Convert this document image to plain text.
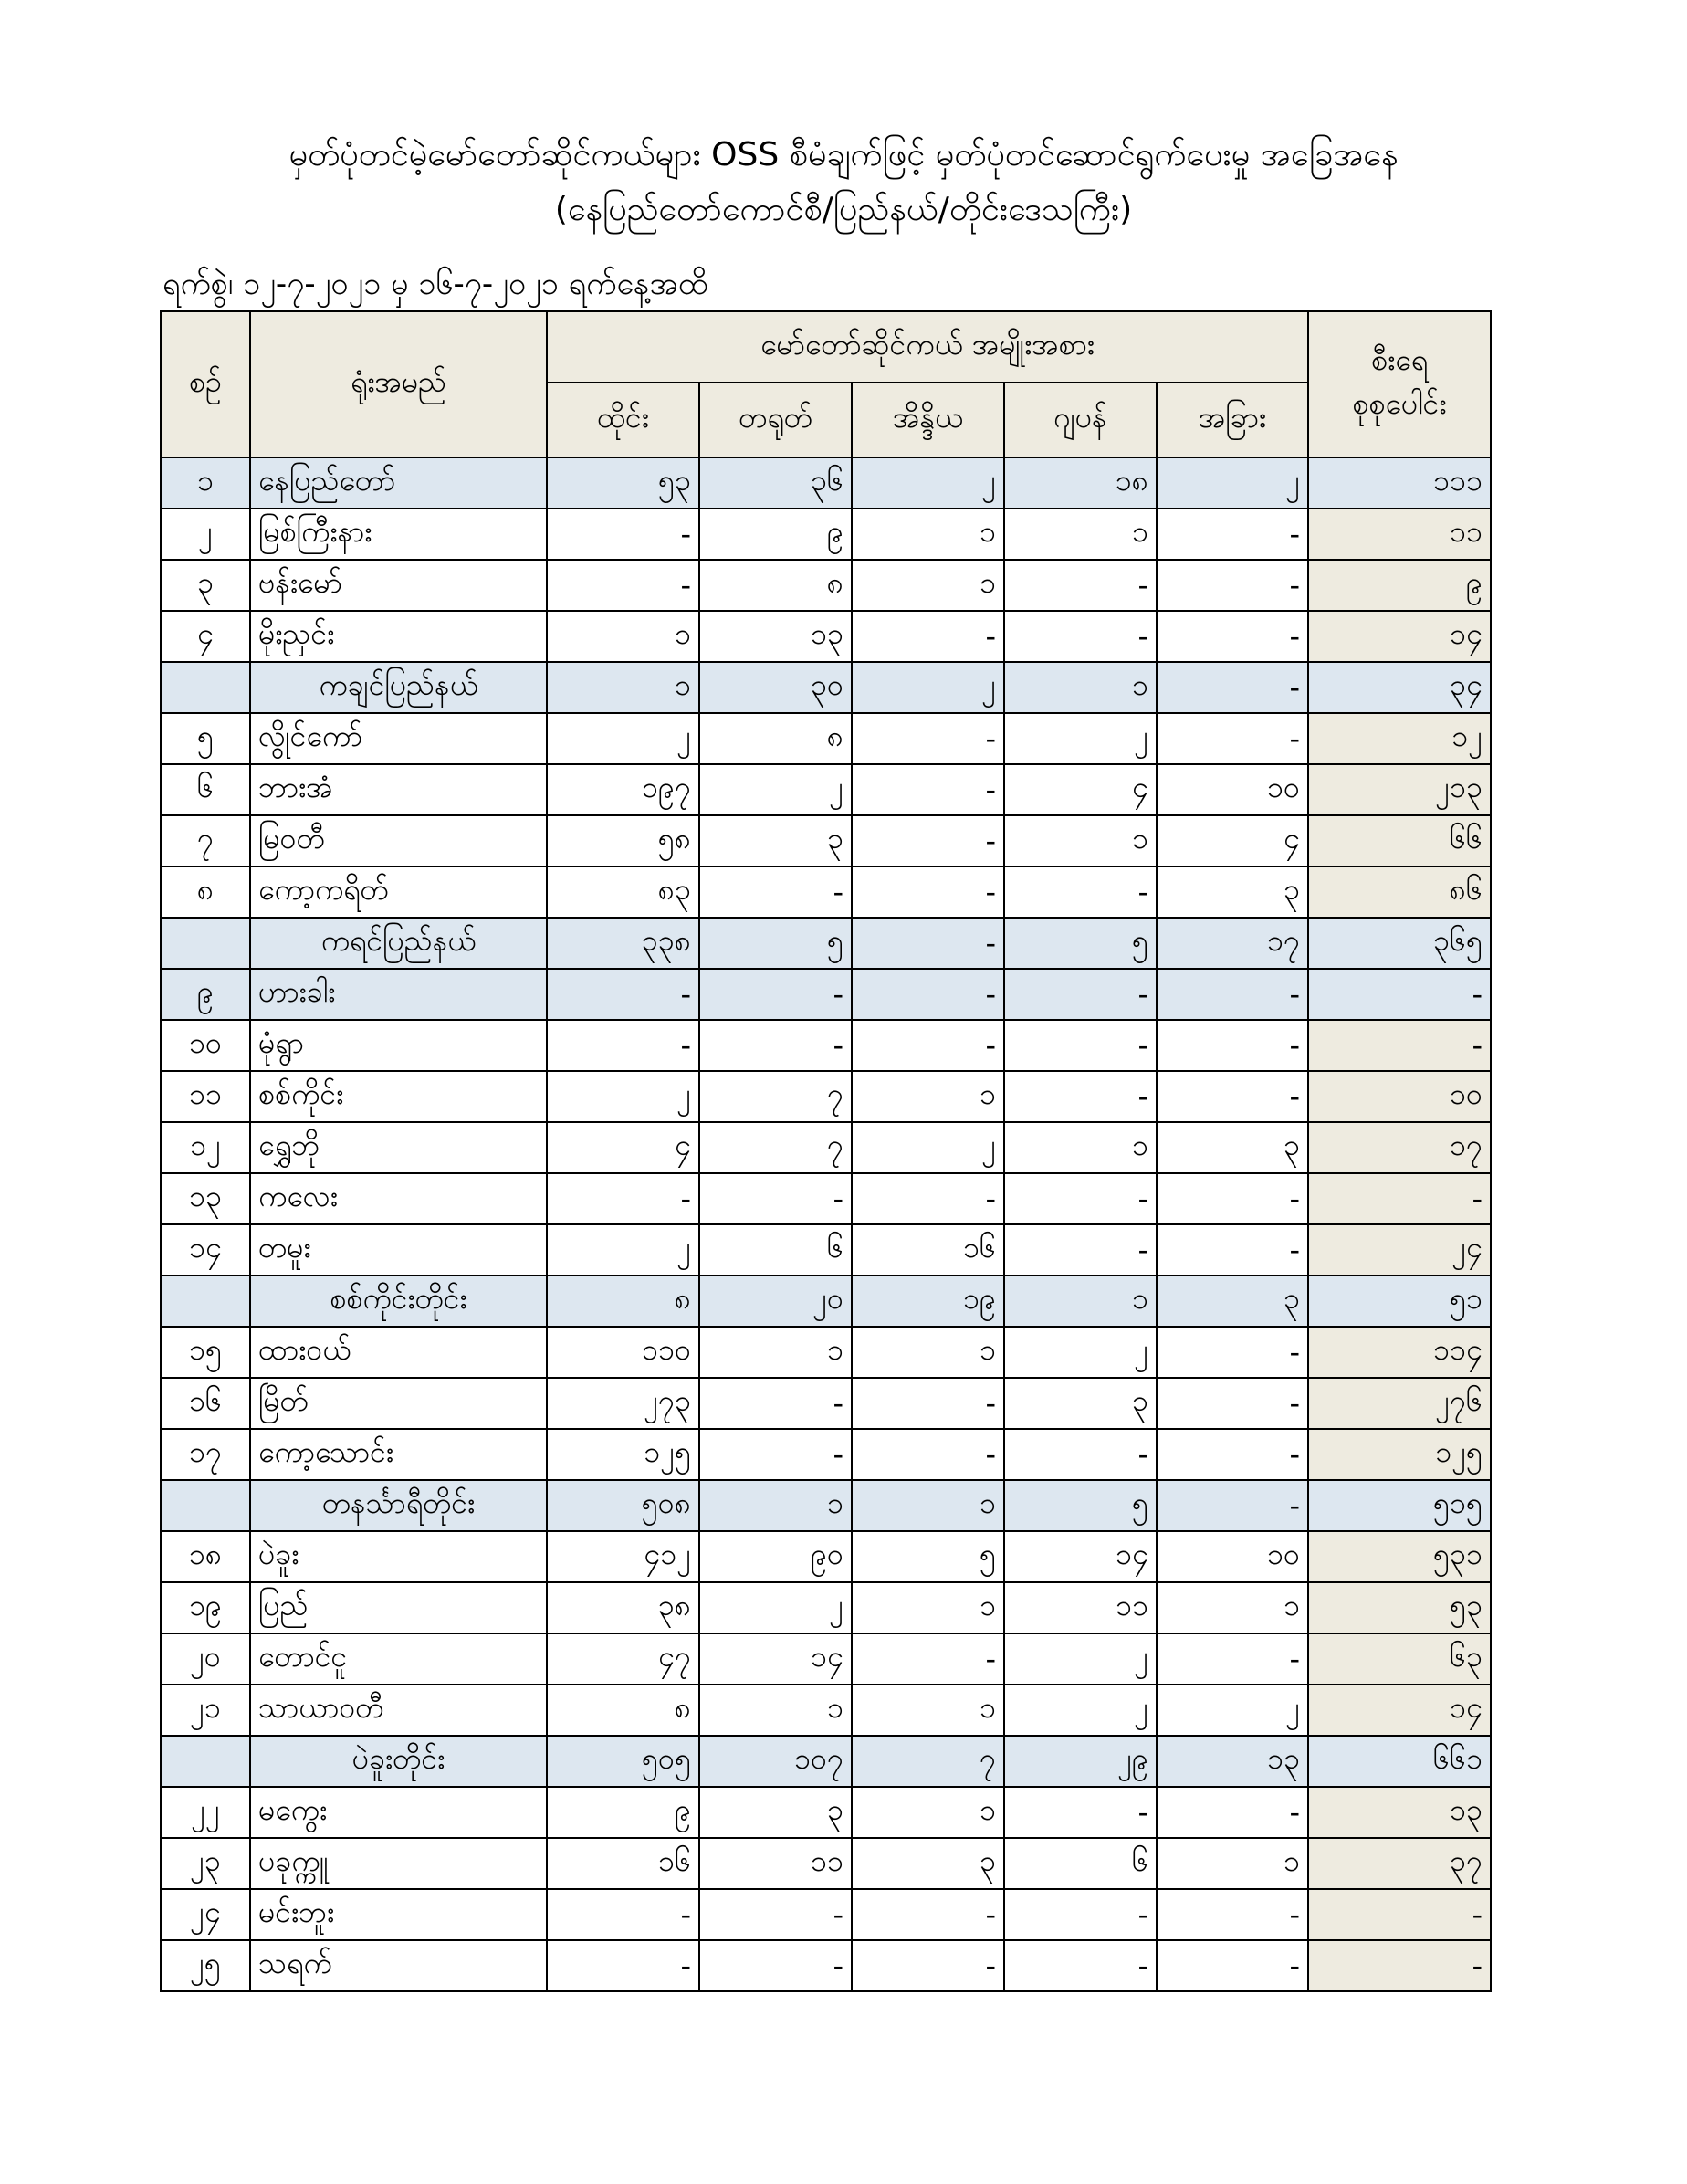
မှတ်ပုံတင်မဲ့မော်တော်ဆိုင်ကယ်များ OSS စီမံချက်ဖြင့် မှတ်ပုံတင်ဆောင်ရွက်ပေးမှု အခြေအနေ
(နေပြည်တော်ကောင်စီ/ပြည်နယ်/တိုင်းဒေသကြီး)
ရက်စွဲ၊ ၁၂-၇-၂၀၂၁ မှ ၁၆-၇-၂၀၂၁ ရက်နေ့အထိ
စဉ်	ရုံးအမည်	မော်တော်ဆိုင်ကယ် အမျိုးအစား					စီးရေ
စုစုပေါင်း

		ထိုင်း	တရုတ်	အိန္ဒိယ	ဂျပန်	အခြား	
၁	နေပြည်တော်	၅၃	၃၆	၂	၁၈	၂	၁၁၁
၂	မြစ်ကြီးနား	-	၉	၁	၁	-	၁၁
၃	ဗန်းမော်	-	၈	၁	-	-	၉
၄	မိုးညှင်း	၁	၁၃	-	-	-	၁၄
	ကချင်ပြည်နယ်	၁	၃၀	၂	၁	-	၃၄
၅	လွိုင်ကော်	၂	၈	-	၂	-	၁၂
၆	ဘားအံ	၁၉၇	၂	-	၄	၁၀	၂၁၃
၇	မြဝတီ	၅၈	၃	-	၁	၄	၆၆
၈	ကော့ကရိတ်	၈၃	-	-	-	၃	၈၆
	ကရင်ပြည်နယ်	၃၃၈	၅	-	၅	၁၇	၃၆၅
၉	ဟားခါး	-	-	-	-	-	-
၁၀	မုံရွာ	-	-	-	-	-	-
၁၁	စစ်ကိုင်း	၂	၇	၁	-	-	၁၀
၁၂	ရွှေဘို	၄	၇	၂	၁	၃	၁၇
၁၃	ကလေး	-	-	-	-	-	-
၁၄	တမူး	၂	၆	၁၆	-	-	၂၄
	စစ်ကိုင်းတိုင်း	၈	၂၀	၁၉	၁	၃	၅၁
၁၅	ထားဝယ်	၁၁၀	၁	၁	၂	-	၁၁၄
၁၆	မြိတ်	၂၇၃	-	-	၃	-	၂၇၆
၁၇	ကော့သောင်း	၁၂၅	-	-	-	-	၁၂၅
	တနင်္သာရီတိုင်း	၅၀၈	၁	၁	၅	-	၅၁၅
၁၈	ပဲခူး	၄၁၂	၉၀	၅	၁၄	၁၀	၅၃၁
၁၉	ပြည်	၃၈	၂	၁	၁၁	၁	၅၃
၂၀	တောင်ငူ	၄၇	၁၄	-	၂	-	၆၃
၂၁	သာယာဝတီ	၈	၁	၁	၂	၂	၁၄
	ပဲခူးတိုင်း	၅၀၅	၁၀၇	၇	၂၉	၁၃	၆၆၁
၂၂	မကွေး	၉	၃	၁	-	-	၁၃
၂၃	ပခုက္ကူ	၁၆	၁၁	၃	၆	၁	၃၇
၂၄	မင်းဘူး	-	-	-	-	-	-
၂၅	သရက်	-	-	-	-	-	-
